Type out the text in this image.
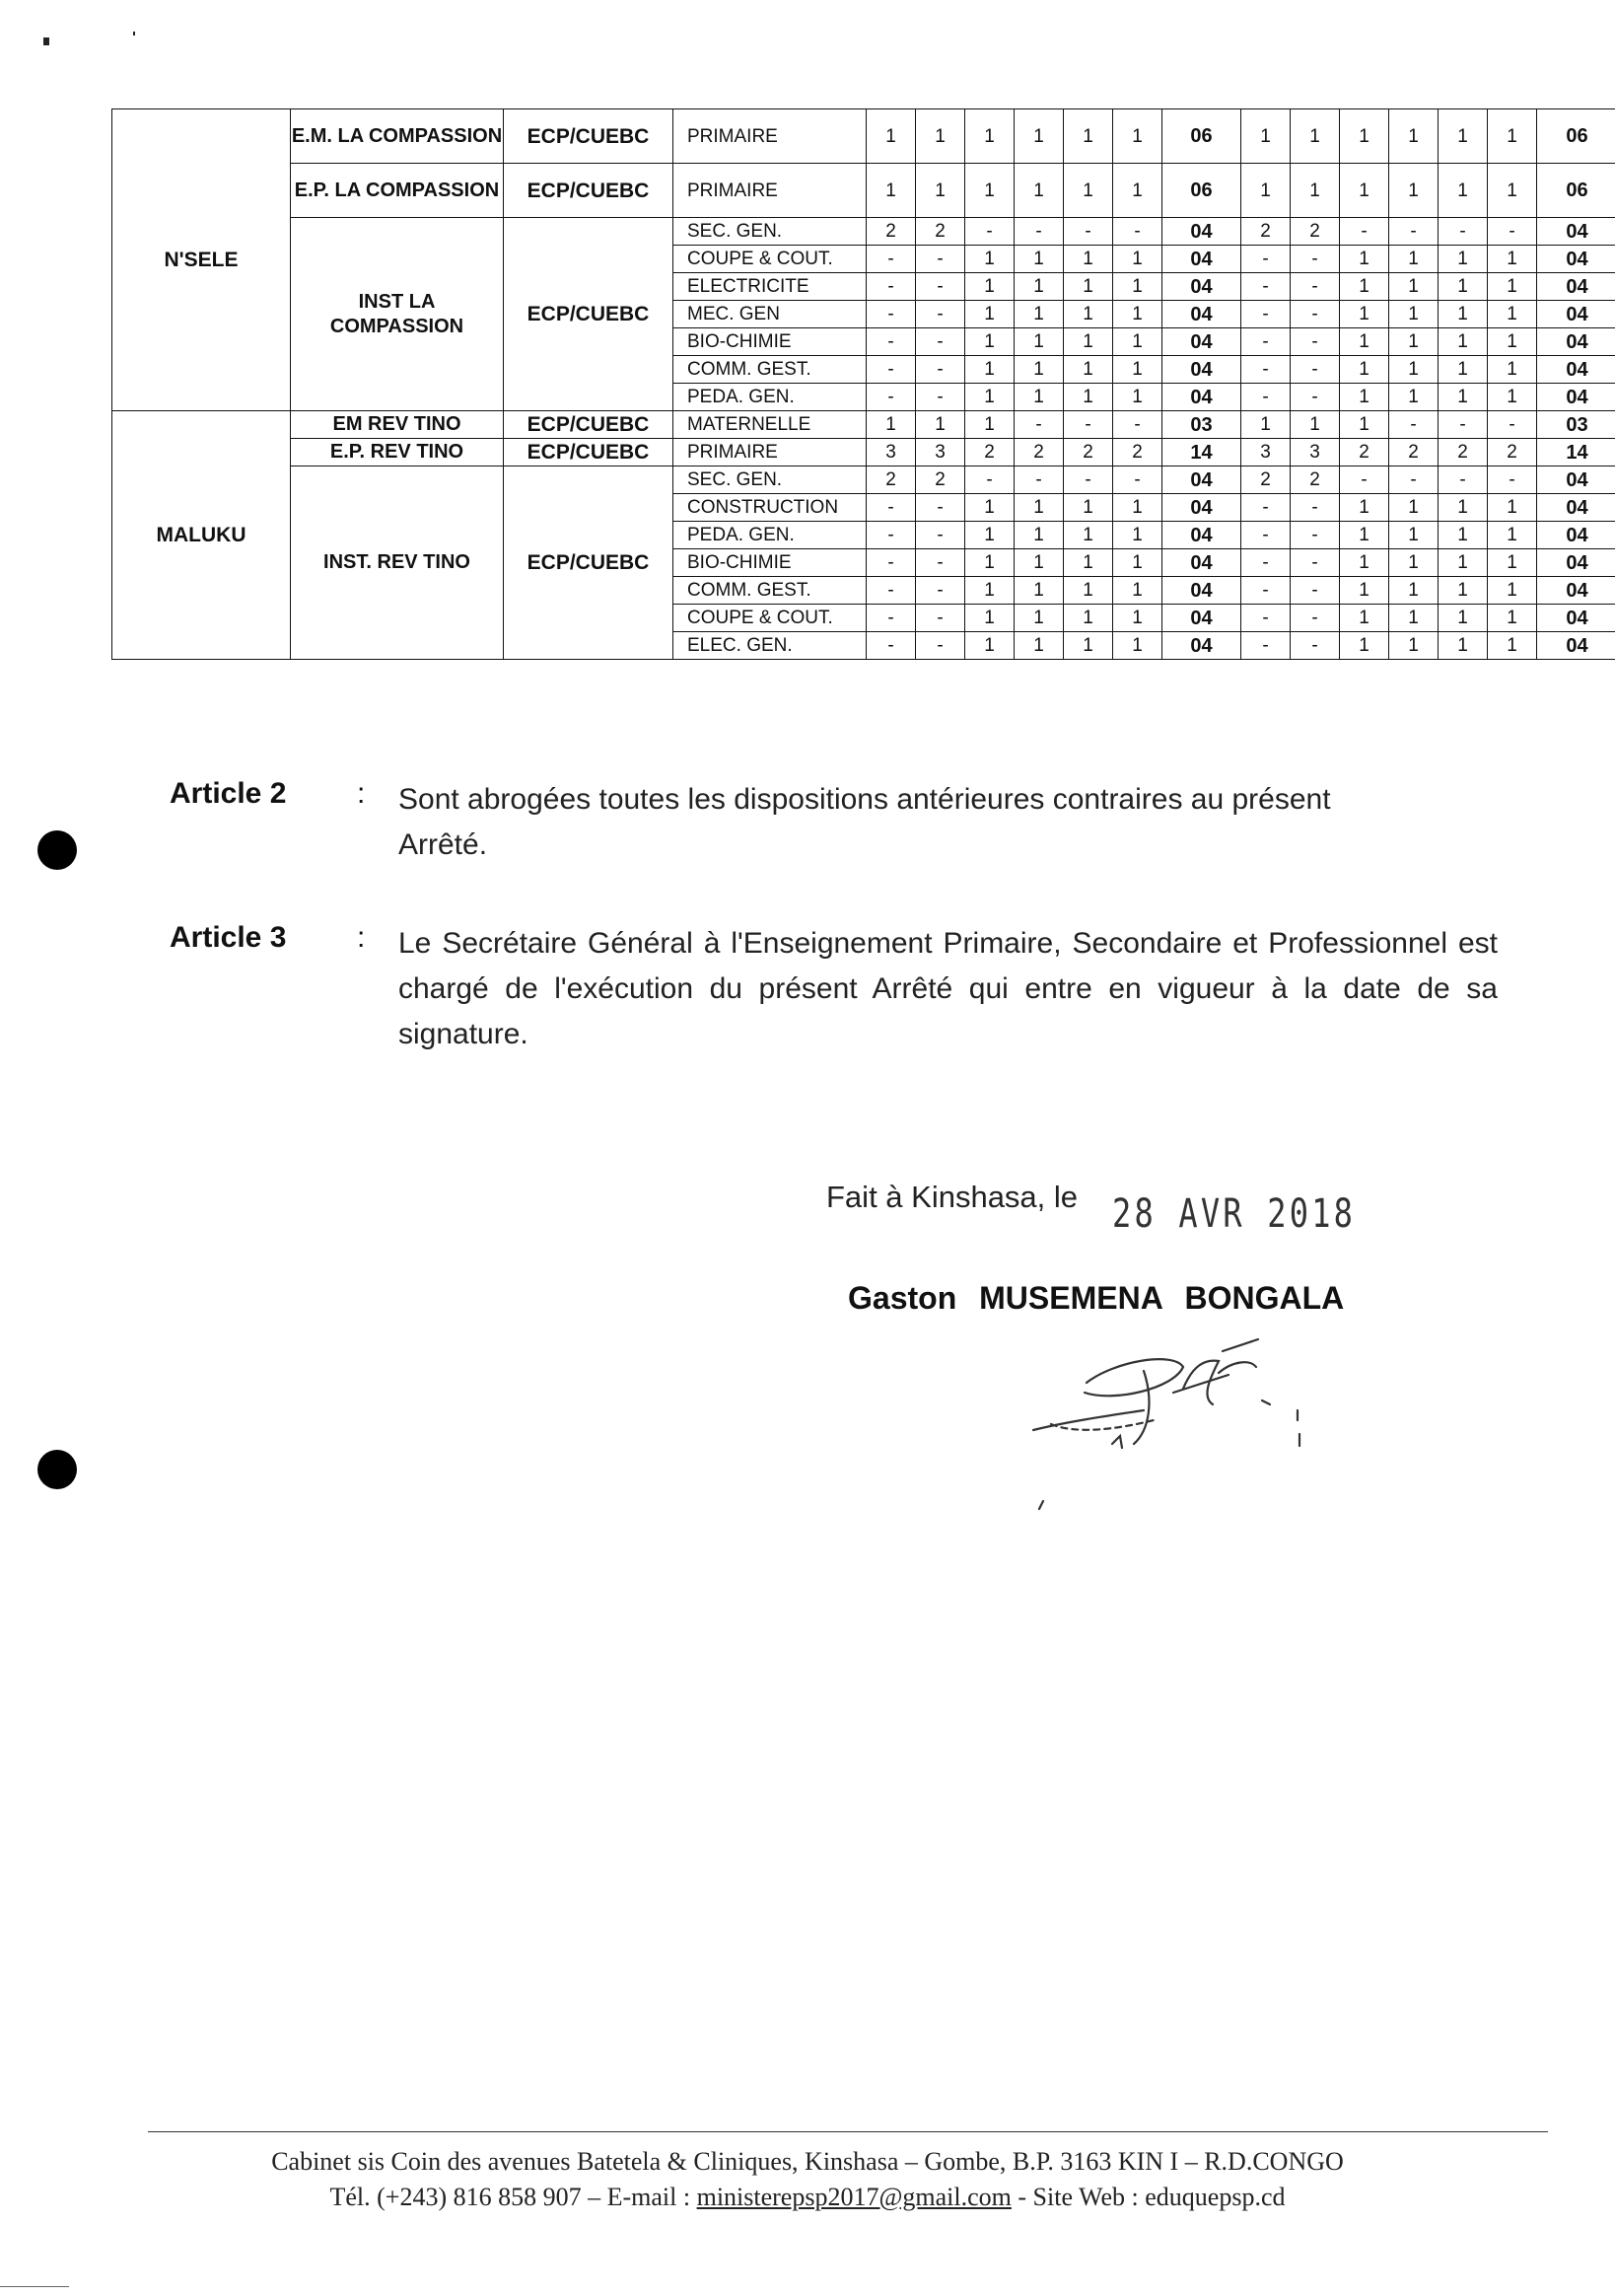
N'SELE	E.M. LA COMPASSION	ECP/CUEBC	PRIMAIRE	1	1	1	1	1	1	06	1	1	1	1	1	1	06
	E.P. LA COMPASSION	ECP/CUEBC	PRIMAIRE	1	1	1	1	1	1	06	1	1	1	1	1	1	06
	INST LA COMPASSION	ECP/CUEBC	SEC. GEN.	2	2	-	-	-	-	04	2	2	-	-	-	-	04
			COUPE & COUT.	-	-	1	1	1	1	04	-	-	1	1	1	1	04
			ELECTRICITE	-	-	1	1	1	1	04	-	-	1	1	1	1	04
			MEC. GEN	-	-	1	1	1	1	04	-	-	1	1	1	1	04
			BIO-CHIMIE	-	-	1	1	1	1	04	-	-	1	1	1	1	04
			COMM. GEST.	-	-	1	1	1	1	04	-	-	1	1	1	1	04
			PEDA. GEN.	-	-	1	1	1	1	04	-	-	1	1	1	1	04
MALUKU	EM REV TINO	ECP/CUEBC	MATERNELLE	1	1	1	-	-	-	03	1	1	1	-	-	-	03
	E.P. REV TINO	ECP/CUEBC	PRIMAIRE	3	3	2	2	2	2	14	3	3	2	2	2	2	14
	INST. REV TINO	ECP/CUEBC	SEC. GEN.	2	2	-	-	-	-	04	2	2	-	-	-	-	04
			CONSTRUCTION	-	-	1	1	1	1	04	-	-	1	1	1	1	04
			PEDA. GEN.	-	-	1	1	1	1	04	-	-	1	1	1	1	04
			BIO-CHIMIE	-	-	1	1	1	1	04	-	-	1	1	1	1	04
			COMM. GEST.	-	-	1	1	1	1	04	-	-	1	1	1	1	04
			COUPE & COUT.	-	-	1	1	1	1	04	-	-	1	1	1	1	04
			ELEC. GEN.	-	-	1	1	1	1	04	-	-	1	1	1	1	04
Article 2 : Sont abrogées toutes les dispositions antérieures contraires au présent Arrêté.
Article 3 : Le Secrétaire Général à l'Enseignement Primaire, Secondaire et Professionnel est chargé de l'exécution du présent Arrêté qui entre en vigueur à la date de sa signature.
Fait à Kinshasa, le 28 AVR 2018
Gaston MUSEMENA BONGALA
Cabinet sis Coin des avenues Batetela & Cliniques, Kinshasa – Gombe, B.P. 3163 KIN I – R.D.CONGO
Tél. (+243) 816 858 907 – E-mail : ministerepsp2017@gmail.com - Site Web : eduquepsp.cd
